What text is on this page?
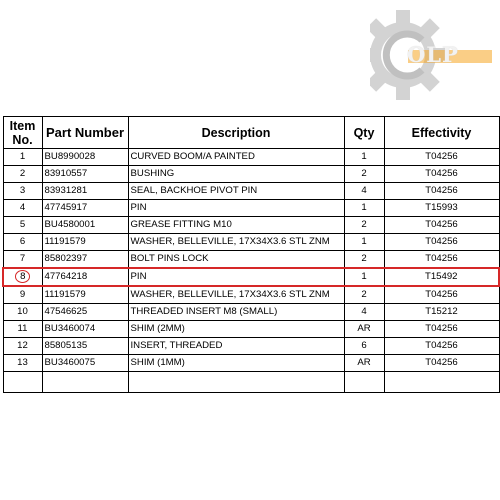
OLP
Item No.	Part Number	Description	Qty	Effectivity
1	BU8990028	CURVED BOOM/A PAINTED	1	T04256
2	83910557	BUSHING	2	T04256
3	83931281	SEAL, BACKHOE PIVOT PIN	4	T04256
4	47745917	PIN	1	T15993
5	BU4580001	GREASE FITTING M10	2	T04256
6	11191579	WASHER, BELLEVILLE, 17X34X3.6 STL ZNM	1	T04256
7	85802397	BOLT PINS LOCK	2	T04256
8	47764218	PIN	1	T15492
9	11191579	WASHER, BELLEVILLE, 17X34X3.6 STL ZNM	2	T04256
10	47546625	THREADED INSERT M8 (SMALL)	4	T15212
11	BU3460074	SHIM (2MM)	AR	T04256
12	85805135	INSERT, THREADED	6	T04256
13	BU3460075	SHIM (1MM)	AR	T04256
